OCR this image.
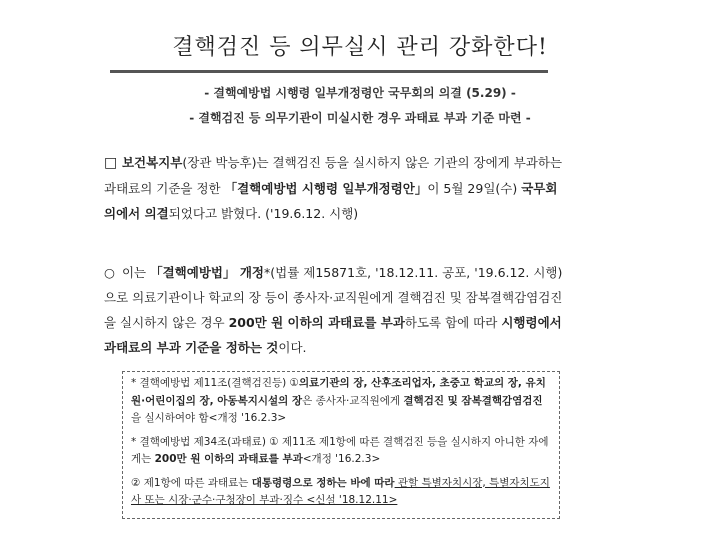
결핵검진 등 의무실시 관리 강화한다!
- 결핵예방법 시행령 일부개정령안 국무회의 의결 (5.29) -
- 결핵검진 등 의무기관이 미실시한 경우 과태료 부과 기준 마련 -
□ 보건복지부(장관 박능후)는 결핵검진 등을 실시하지 않은 기관의 장에게 부과하는 과태료의 기준을 정한 「결핵예방법 시행령 일부개정령안」이 5월 29일(수) 국무회의에서 의결되었다고 밝혔다. ('19.6.12. 시행)
○ 이는 「결핵예방법」 개정*(법률 제15871호, '18.12.11. 공포, '19.6.12. 시행)으로 의료기관이나 학교의 장 등이 종사자·교직원에게 결핵검진 및 잠복결핵감염검진을 실시하지 않은 경우 200만 원 이하의 과태료를 부과하도록 함에 따라 시행령에서 과태료의 부과 기준을 정하는 것이다.
* 결핵예방법 제11조(결핵검진등) ①의료기관의 장, 산후조리업자, 초중고 학교의 장, 유치원·어린이집의 장, 아동복지시설의 장은 종사자·교직원에게 결핵검진 및 잠복결핵감염검진을 실시하여야 함<개정 '16.2.3>
* 결핵예방법 제34조(과태료) ① 제11조 제1항에 따른 결핵검진 등을 실시하지 아니한 자에게는 200만 원 이하의 과태료를 부과<개정 '16.2.3>
② 제1항에 따른 과태료는 대통령령으로 정하는 바에 따라 관할 특별자치시장, 특별자치도지사 또는 시장·군수·구청장이 부과·징수 <신설 '18.12.11>
